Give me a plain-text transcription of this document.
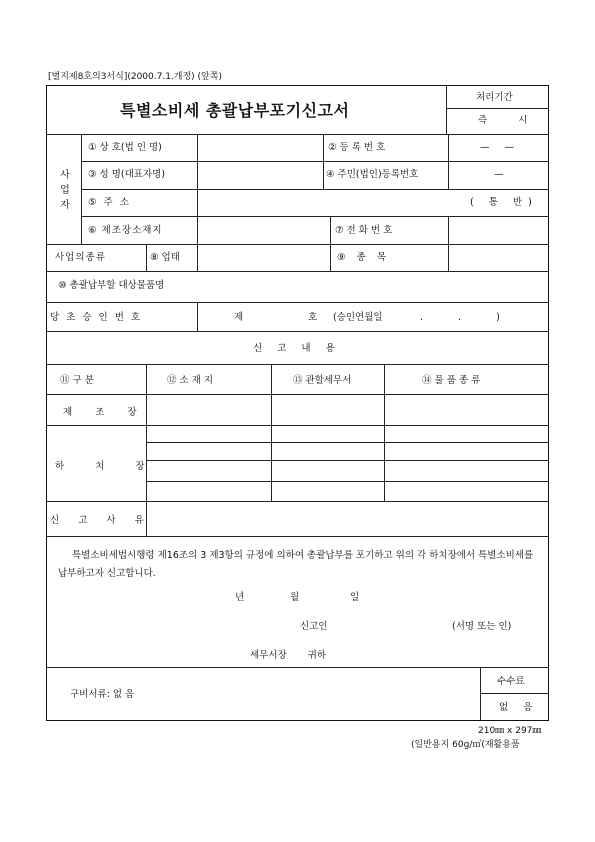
[별지제8호의3서식](2000.7.1.개정) (앞쪽)
특별소비세 총괄납부포기신고서
처리기간
즉 시
사업자
① 상 호(법 인 명)	② 등 록 번 호	— —
③ 성 명(대표자명)	④ 주민(법인)등록번호	—
⑤ 주 소	( 통 반)
⑥ 제조장소재지	⑦ 전 화 번 호
사업의종류	⑧ 업태	⑨ 종 목
⑩ 총괄납부할 대상물품명
당초승인번호	제	호 (승인연월일	. . )
신 고 내 용
⑪ 구 분	⑫ 소 재 지	⑬ 관할세무서	⑭ 물 품 종 류
제 조 장
하 치 장
신 고 사 유
특별소비세법시행령 제16조의 3 제3항의 규정에 의하여 총괄납부를 포기하고 위의 각 하치장에서 특별소비세를 납부하고자 신고합니다.
년	월	일
신고인	(서명 또는 인)
세무서장 귀하
구비서류: 없 음
수수료
없 음
210㎜ x 297㎜
(일반용지 60g/㎡(재활용품
